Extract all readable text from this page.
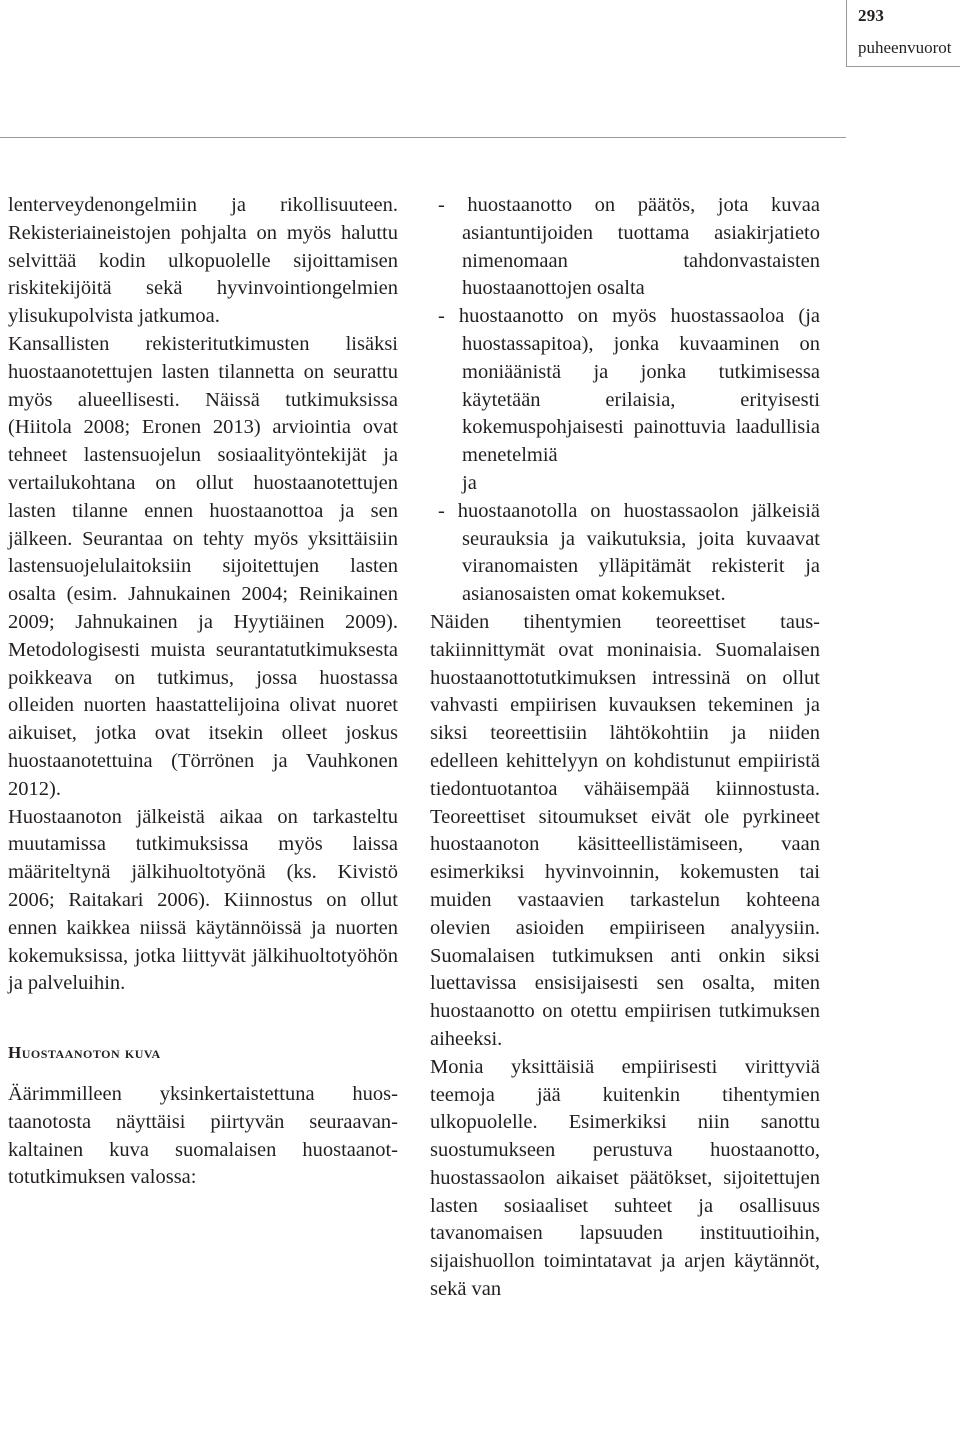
293
puheenvuorot

lenterveydenongelmiin ja rikollisuuteen. Rekisteriaineistojen pohjalta on myös haluttu selvittää kodin ulkopuolelle sijoittamisen riskitekijöitä sekä hyvinvointiongelmien ylisukupolvista jatkumoa.

Kansallisten rekisteritutkimusten lisäksi huostaanotettujen lasten tilannetta on seurattu myös alueellisesti. Näissä tutkimuksissa (Hiitola 2008; Eronen 2013) arviointia ovat tehneet lastensuojelun sosiaalityöntekijät ja vertailukohtana on ollut huostaanotettujen lasten tilanne ennen huostaanottoa ja sen jälkeen. Seurantaa on tehty myös yksittäisiin lastensuojelulaitoksiin sijoitettujen lasten osalta (esim. Jahnukainen 2004; Reinikainen 2009; Jahnukainen ja Hyytiäinen 2009). Metodologisesti muista seurantatutkimuksesta poikkeava on tutkimus, jossa huostassa olleiden nuorten haastattelijoina olivat nuoret aikuiset, jotka ovat itsekin olleet joskus huostaanotettuina (Törrönen ja Vauhkonen 2012).

Huostaanoton jälkeistä aikaa on tarkasteltu muutamissa tutkimuksissa myös laissa määriteltynä jälkihuoltotyönä (ks. Kivistö 2006; Raitakari 2006). Kiinnostus on ollut ennen kaikkea niissä käytännöissä ja nuorten kokemuksissa, jotka liittyvät jälkihuoltotyöhön ja palveluihin.

Huostaanoton kuva

Äärimmilleen yksinkertaistettuna huostaanotosta näyttäisi piirtyvän seuraavankaltainen kuva suomalaisen huostaanottotutkimuksen valossa:

- huostaanotto on päätös, jota kuvaa asiantuntijoiden tuottama asiakirjatieto nimenomaan tahdonvastaisten huostaanottojen osalta
- huostaanotto on myös huostassaoloa (ja huostassapitoa), jonka kuvaaminen on moniäänistä ja jonka tutkimisessa käytetään erilaisia, erityisesti kokemuspohjaisesti painottuvia laadullisia menetelmiä
ja
- huostaanotolla on huostassaolon jälkeisiä seurauksia ja vaikutuksia, joita kuvaavat viranomaisten ylläpitämät rekisterit ja asianosaisten omat kokemukset.

Näiden tihentymien teoreettiset taustakiinnittymät ovat moninaisia. Suomalaisen huostaanottotutkimuksen intressinä on ollut vahvasti empiirisen kuvauksen tekeminen ja siksi teoreettisiin lähtökohtiin ja niiden edelleen kehittelyyn on kohdistunut empiiristä tiedontuotantoa vähäisempää kiinnostusta. Teoreettiset sitoumukset eivät ole pyrkineet huostaanoton käsitteellistämiseen, vaan esimerkiksi hyvinvoinnin, kokemusten tai muiden vastaavien tarkastelun kohteena olevien asioiden empiiriseen analyysiin. Suomalaisen tutkimuksen anti onkin siksi luettavissa ensisijaisesti sen osalta, miten huostaanotto on otettu empiirisen tutkimuksen aiheeksi.

Monia yksittäisiä empiirisesti virittyviä teemoja jää kuitenkin tihentymien ulkopuolelle. Esimerkiksi niin sanottu suostumukseen perustuva huostaanotto, huostassaolon aikaiset päätökset, sijoitettujen lasten sosiaaliset suhteet ja osallisuus tavanomaisen lapsuuden instituutioihin, sijaishuollon toimintatavat ja arjen käytännöt, sekä van
